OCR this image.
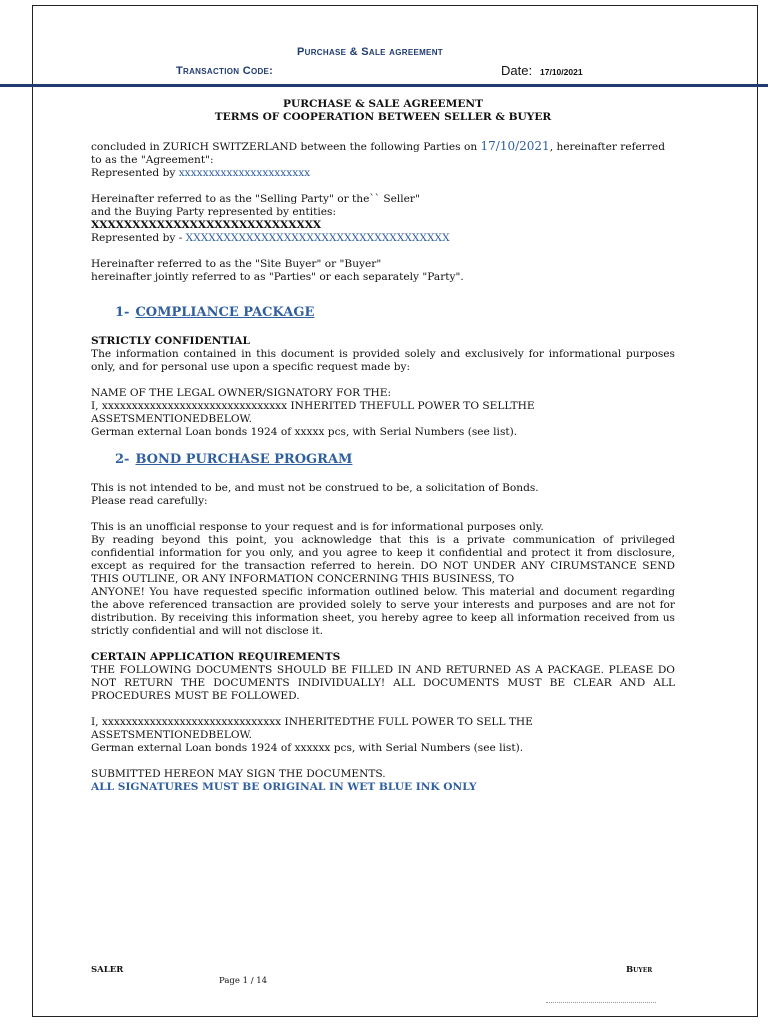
Purchase & Sale agreement
Transaction Code:	Date: 17/10/2021

PURCHASE & SALE AGREEMENT

TERMS OF COOPERATION BETWEEN SELLER & BUYER

concluded in ZURICH SWITZERLAND between the following Parties on 17/10/2021, hereinafter referred

to as the "Agreement":

Represented by xxxxxxxxxxxxxxxxxxxxxx

Hereinafter referred to as the "Selling Party" or the`` Seller"

and the Buying Party represented by entities:

XXXXXXXXXXXXXXXXXXXXXXXXXXXX

Represented by - XXXXXXXXXXXXXXXXXXXXXXXXXXXXXXXXXXX

Hereinafter referred to as the "Site Buyer" or "Buyer"

hereinafter jointly referred to as "Parties" or each separately "Party".

1- COMPLIANCE PACKAGE

STRICTLY CONFIDENTIAL

The information contained in this document is provided solely and exclusively for informational purposes only, and for personal use upon a specific request made by:

NAME OF THE LEGAL OWNER/SIGNATORY FOR THE:

I, xxxxxxxxxxxxxxxxxxxxxxxxxxxxxxx INHERITED THEFULL POWER TO SELLTHE

ASSETSMENTIONEDBELOW.

German external Loan bonds 1924 of xxxxx pcs, with Serial Numbers (see list).

2- BOND PURCHASE PROGRAM

This is not intended to be, and must not be construed to be, a solicitation of Bonds.

Please read carefully:

This is an unofficial response to your request and is for informational purposes only.

By reading beyond this point, you acknowledge that this is a private communication of privileged confidential information for you only, and you agree to keep it confidential and protect it from disclosure, except as required for the transaction referred to herein. DO NOT UNDER ANY CIRUMSTANCE SEND THIS OUTLINE, OR ANY INFORMATION CONCERNING THIS BUSINESS, TO

ANYONE! You have requested specific information outlined below. This material and document regarding the above referenced transaction are provided solely to serve your interests and purposes and are not for distribution. By receiving this information sheet, you hereby agree to keep all information received from us strictly confidential and will not disclose it.

CERTAIN APPLICATION REQUIREMENTS

THE FOLLOWING DOCUMENTS SHOULD BE FILLED IN AND RETURNED AS A PACKAGE. PLEASE DO NOT RETURN THE DOCUMENTS INDIVIDUALLY! ALL DOCUMENTS MUST BE CLEAR AND ALL PROCEDURES MUST BE FOLLOWED.

I, xxxxxxxxxxxxxxxxxxxxxxxxxxxxxx INHERITEDTHE FULL POWER TO SELL THE

ASSETSMENTIONEDBELOW.

German external Loan bonds 1924 of xxxxxx pcs, with Serial Numbers (see list).

SUBMITTED HEREON MAY SIGN THE DOCUMENTS.

ALL SIGNATURES MUST BE ORIGINAL IN WET BLUE INK ONLY

SALER	Buyer
Page 1 / 14
